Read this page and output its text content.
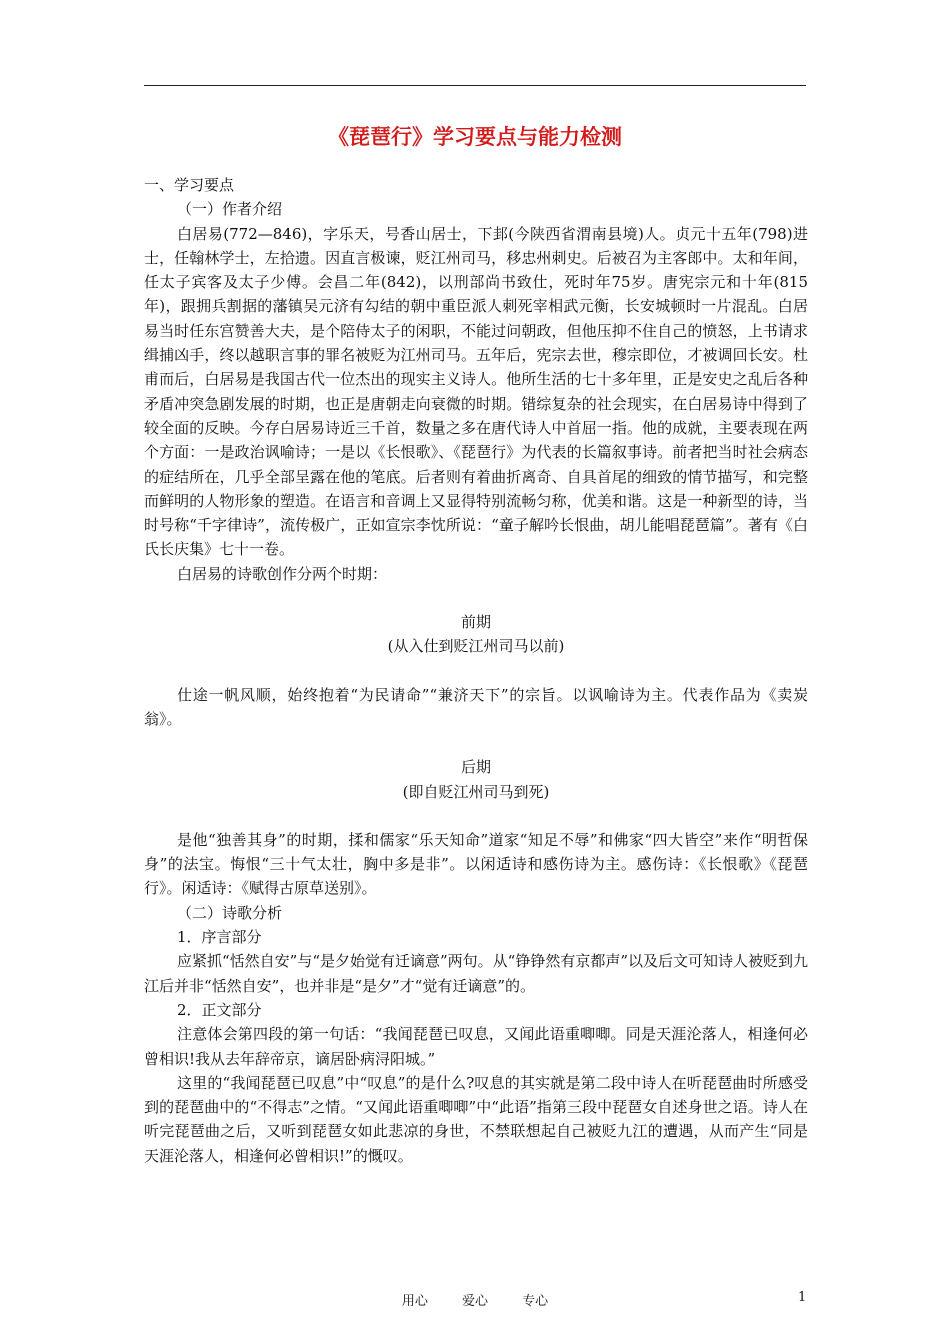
《琵琶行》学习要点与能力检测

一、学习要点

（一）作者介绍

白居易(772—846)，字乐天，号香山居士，下邽(今陕西省渭南县境)人。贞元十五年(798)进士，任翰林学士，左拾遗。因直言极谏，贬江州司马，移忠州刺史。后被召为主客郎中。太和年间，任太子宾客及太子少傅。会昌二年(842)，以刑部尚书致仕，死时年75岁。唐宪宗元和十年(815年)，跟拥兵割据的藩镇吴元济有勾结的朝中重臣派人刺死宰相武元衡，长安城顿时一片混乱。白居易当时任东宫赞善大夫，是个陪侍太子的闲职，不能过问朝政，但他压抑不住自己的愤怒，上书请求缉捕凶手，终以越职言事的罪名被贬为江州司马。五年后，宪宗去世，穆宗即位，才被调回长安。杜甫而后，白居易是我国古代一位杰出的现实主义诗人。他所生活的七十多年里，正是安史之乱后各种矛盾冲突急剧发展的时期，也正是唐朝走向衰微的时期。错综复杂的社会现实，在白居易诗中得到了较全面的反映。今存白居易诗近三千首，数量之多在唐代诗人中首屈一指。他的成就，主要表现在两个方面：一是政治讽喻诗；一是以《长恨歌》、《琵琶行》为代表的长篇叙事诗。前者把当时社会病态的症结所在，几乎全部呈露在他的笔底。后者则有着曲折离奇、自具首尾的细致的情节描写，和完整而鲜明的人物形象的塑造。在语言和音调上又显得特别流畅匀称，优美和谐。这是一种新型的诗，当时号称“千字律诗”，流传极广，正如宣宗李忱所说：“童子解吟长恨曲，胡儿能唱琵琶篇”。著有《白氏长庆集》七十一卷。

白居易的诗歌创作分两个时期：

前期

(从入仕到贬江州司马以前)

仕途一帆风顺，始终抱着“为民请命”“兼济天下”的宗旨。以讽喻诗为主。代表作品为《卖炭翁》。

后期

(即自贬江州司马到死)

是他“独善其身”的时期，揉和儒家“乐天知命”道家“知足不辱”和佛家“四大皆空”来作“明哲保身”的法宝。悔恨“三十气太壮，胸中多是非”。以闲适诗和感伤诗为主。感伤诗：《长恨歌》《琵琶行》。闲适诗：《赋得古原草送别》。

（二）诗歌分析

1．序言部分

应紧抓“恬然自安”与“是夕始觉有迁谪意”两句。从“铮铮然有京都声”以及后文可知诗人被贬到九江后并非“恬然自安”，也并非是“是夕”才“觉有迁谪意”的。

2．正文部分

注意体会第四段的第一句话：“我闻琵琶已叹息，又闻此语重唧唧。同是天涯沦落人，相逢何必曾相识!我从去年辞帝京，谪居卧病浔阳城。”

这里的“我闻琵琶已叹息”中“叹息”的是什么?叹息的其实就是第二段中诗人在听琵琶曲时所感受到的琵琶曲中的“不得志”之情。“又闻此语重唧唧”中“此语”指第三段中琵琶女自述身世之语。诗人在听完琵琶曲之后，又听到琵琶女如此悲凉的身世，不禁联想起自己被贬九江的遭遇，从而产生“同是天涯沦落人，相逢何必曾相识!”的慨叹。

用心	爱心	专心	1
